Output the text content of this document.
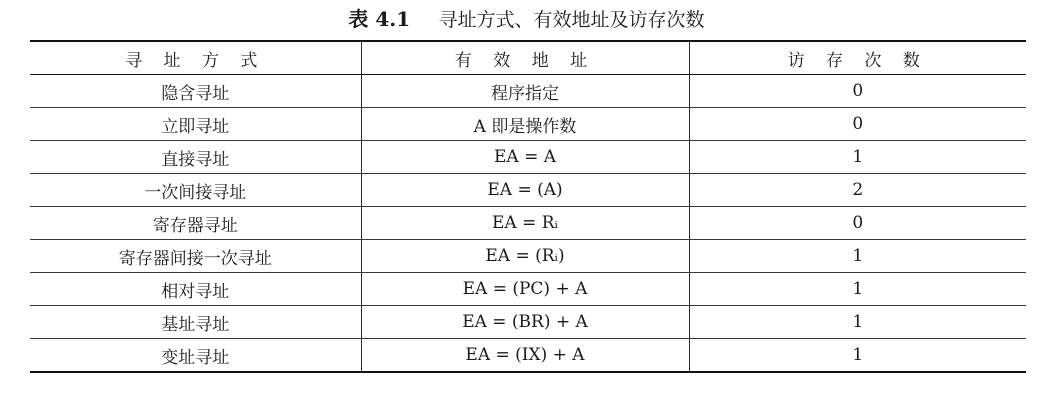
表 4.1 寻址方式、有效地址及访存次数
寻 址 方 式	有 效 地 址	访 存 次 数
隐含寻址	程序指定	0
立即寻址	A 即是操作数	0
直接寻址	EA = A	1
一次间接寻址	EA = (A)	2
寄存器寻址	EA = Rᵢ	0
寄存器间接一次寻址	EA = (Rᵢ)	1
相对寻址	EA = (PC) + A	1
基址寻址	EA = (BR) + A	1
变址寻址	EA = (IX) + A	1
